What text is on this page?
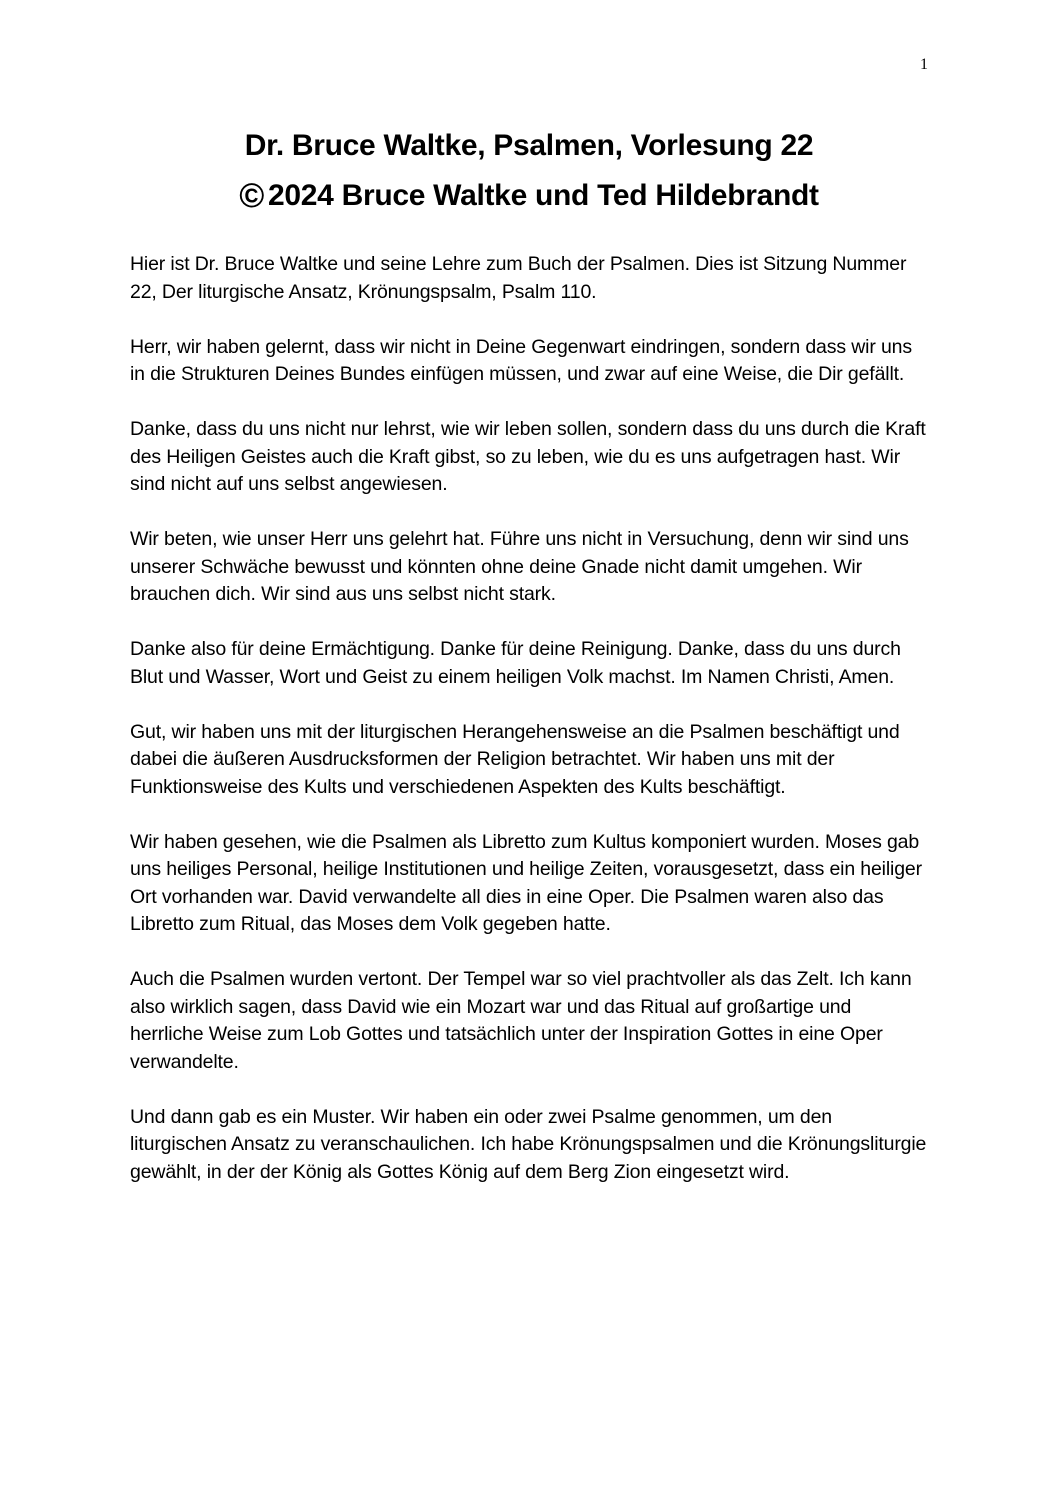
1
Dr. Bruce Waltke, Psalmen, Vorlesung 22
© 2024 Bruce Waltke und Ted Hildebrandt

Hier ist Dr. Bruce Waltke und seine Lehre zum Buch der Psalmen. Dies ist Sitzung Nummer 22, Der liturgische Ansatz, Krönungspsalm, Psalm 110.

Herr, wir haben gelernt, dass wir nicht in Deine Gegenwart eindringen, sondern dass wir uns in die Strukturen Deines Bundes einfügen müssen, und zwar auf eine Weise, die Dir gefällt.

Danke, dass du uns nicht nur lehrst, wie wir leben sollen, sondern dass du uns durch die Kraft des Heiligen Geistes auch die Kraft gibst, so zu leben, wie du es uns aufgetragen hast. Wir sind nicht auf uns selbst angewiesen.

Wir beten, wie unser Herr uns gelehrt hat. Führe uns nicht in Versuchung, denn wir sind uns unserer Schwäche bewusst und könnten ohne deine Gnade nicht damit umgehen. Wir brauchen dich. Wir sind aus uns selbst nicht stark.

Danke also für deine Ermächtigung. Danke für deine Reinigung. Danke, dass du uns durch Blut und Wasser, Wort und Geist zu einem heiligen Volk machst. Im Namen Christi, Amen.

Gut, wir haben uns mit der liturgischen Herangehensweise an die Psalmen beschäftigt und dabei die äußeren Ausdrucksformen der Religion betrachtet. Wir haben uns mit der Funktionsweise des Kults und verschiedenen Aspekten des Kults beschäftigt.

Wir haben gesehen, wie die Psalmen als Libretto zum Kultus komponiert wurden. Moses gab uns heiliges Personal, heilige Institutionen und heilige Zeiten, vorausgesetzt, dass ein heiliger Ort vorhanden war. David verwandelte all dies in eine Oper. Die Psalmen waren also das Libretto zum Ritual, das Moses dem Volk gegeben hatte.

Auch die Psalmen wurden vertont. Der Tempel war so viel prachtvoller als das Zelt. Ich kann also wirklich sagen, dass David wie ein Mozart war und das Ritual auf großartige und herrliche Weise zum Lob Gottes und tatsächlich unter der Inspiration Gottes in eine Oper verwandelte.

Und dann gab es ein Muster. Wir haben ein oder zwei Psalme genommen, um den liturgischen Ansatz zu veranschaulichen. Ich habe Krönungspsalmen und die Krönungsliturgie gewählt, in der der König als Gottes König auf dem Berg Zion eingesetzt wird.
